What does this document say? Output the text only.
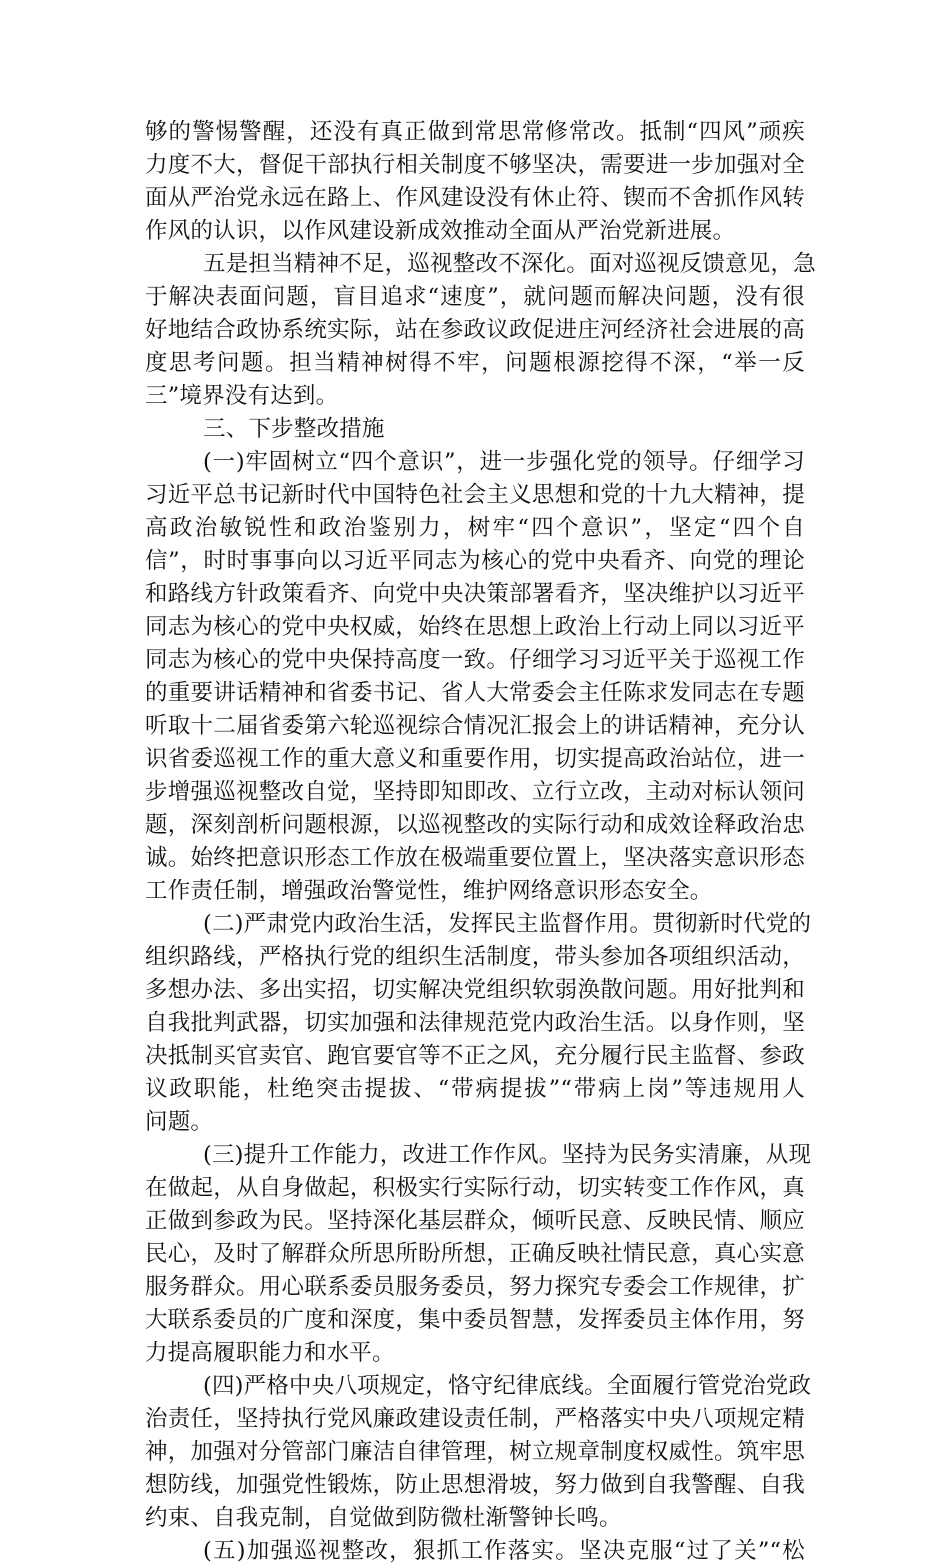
够的警惕警醒，还没有真正做到常思常修常改。抵制“四风”顽疾
力度不大，督促干部执行相关制度不够坚决，需要进一步加强对全
面从严治党永远在路上、作风建设没有休止符、锲而不舍抓作风转
作风的认识，以作风建设新成效推动全面从严治党新进展。
五是担当精神不足，巡视整改不深化。面对巡视反馈意见，急
于解决表面问题，盲目追求“速度”，就问题而解决问题，没有很
好地结合政协系统实际，站在参政议政促进庄河经济社会进展的高
度思考问题。担当精神树得不牢，问题根源挖得不深，“举一反
三”境界没有达到。
三、下步整改措施
(一)牢固树立“四个意识”，进一步强化党的领导。仔细学习
习近平总书记新时代中国特色社会主义思想和党的十九大精神，提
高政治敏锐性和政治鉴别力，树牢“四个意识”，坚定“四个自
信”，时时事事向以习近平同志为核心的党中央看齐、向党的理论
和路线方针政策看齐、向党中央决策部署看齐，坚决维护以习近平
同志为核心的党中央权威，始终在思想上政治上行动上同以习近平
同志为核心的党中央保持高度一致。仔细学习习近平关于巡视工作
的重要讲话精神和省委书记、省人大常委会主任陈求发同志在专题
听取十二届省委第六轮巡视综合情况汇报会上的讲话精神，充分认
识省委巡视工作的重大意义和重要作用，切实提高政治站位，进一
步增强巡视整改自觉，坚持即知即改、立行立改，主动对标认领问
题，深刻剖析问题根源，以巡视整改的实际行动和成效诠释政治忠
诚。始终把意识形态工作放在极端重要位置上，坚决落实意识形态
工作责任制，增强政治警觉性，维护网络意识形态安全。
(二)严肃党内政治生活，发挥民主监督作用。贯彻新时代党的
组织路线，严格执行党的组织生活制度，带头参加各项组织活动，
多想办法、多出实招，切实解决党组织软弱涣散问题。用好批判和
自我批判武器，切实加强和法律规范党内政治生活。以身作则，坚
决抵制买官卖官、跑官要官等不正之风，充分履行民主监督、参政
议政职能，杜绝突击提拔、“带病提拔”“带病上岗”等违规用人
问题。
(三)提升工作能力，改进工作作风。坚持为民务实清廉，从现
在做起，从自身做起，积极实行实际行动，切实转变工作作风，真
正做到参政为民。坚持深化基层群众，倾听民意、反映民情、顺应
民心，及时了解群众所思所盼所想，正确反映社情民意，真心实意
服务群众。用心联系委员服务委员，努力探究专委会工作规律，扩
大联系委员的广度和深度，集中委员智慧，发挥委员主体作用，努
力提高履职能力和水平。
(四)严格中央八项规定，恪守纪律底线。全面履行管党治党政
治责任，坚持执行党风廉政建设责任制，严格落实中央八项规定精
神，加强对分管部门廉洁自律管理，树立规章制度权威性。筑牢思
想防线，加强党性锻炼，防止思想滑坡，努力做到自我警醒、自我
约束、自我克制，自觉做到防微杜渐警钟长鸣。
(五)加强巡视整改，狠抓工作落实。坚决克服“过了关”“松
